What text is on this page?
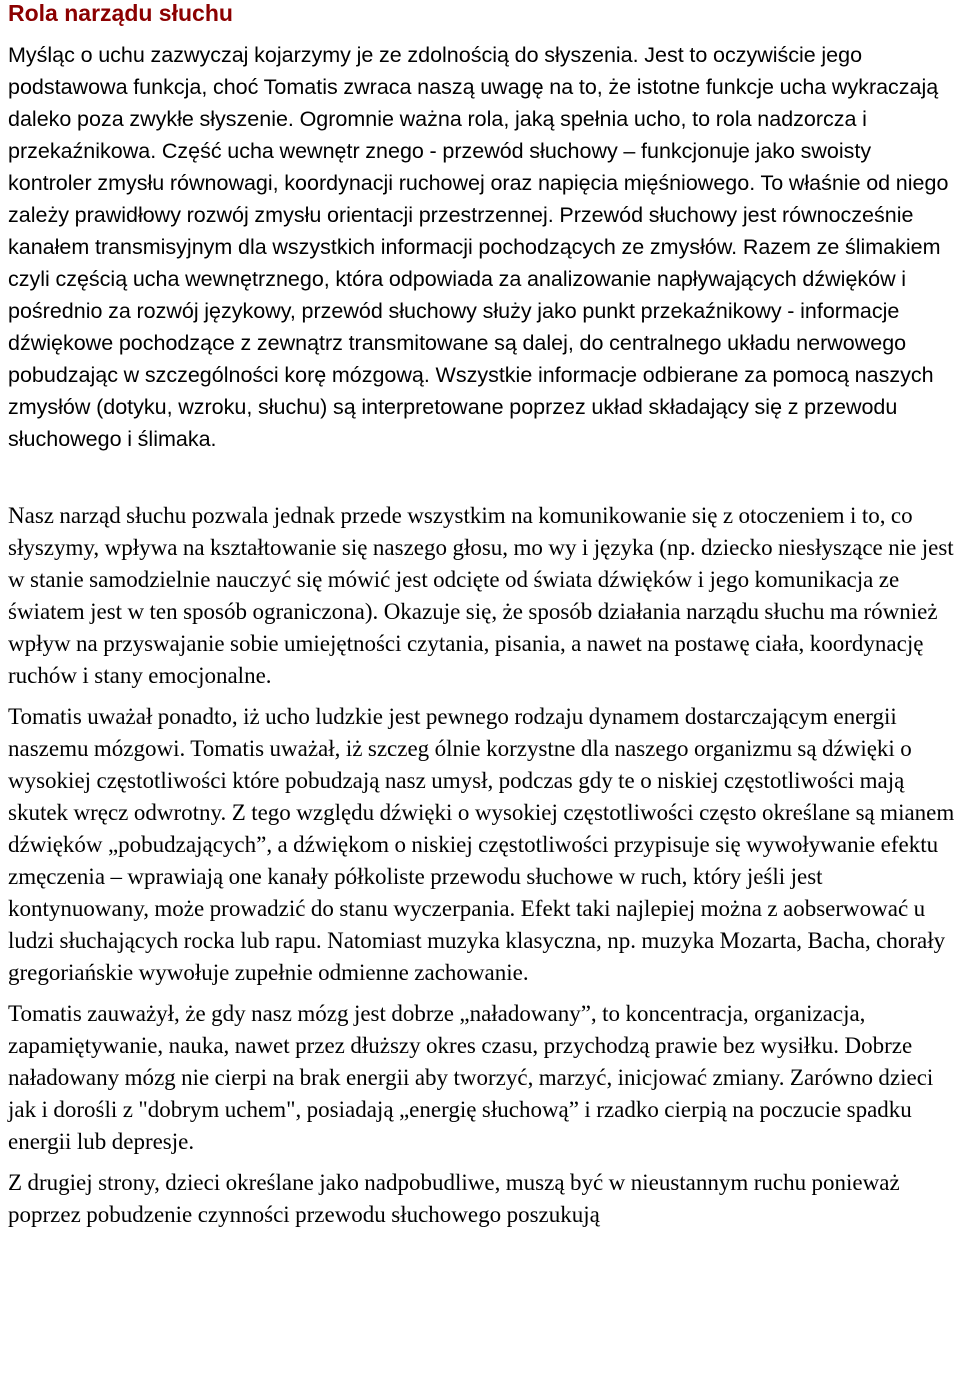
Rola narządu słuchu

Myśląc o uchu zazwyczaj kojarzymy je ze zdolnością do słyszenia. Jest to oczywiście jego podstawowa funkcja, choć Tomatis zwraca naszą uwagę na to, że istotne funkcje ucha wykraczają daleko poza zwykłe słyszenie. Ogromnie ważna rola, jaką spełnia ucho, to rola nadzorcza i przekaźnikowa. Część ucha wewnętr znego - przewód słuchowy – funkcjonuje jako swoisty kontroler zmysłu równowagi, koordynacji ruchowej oraz napięcia mięśniowego. To właśnie od niego zależy prawidłowy rozwój zmysłu orientacji przestrzennej. Przewód słuchowy jest równocześnie kanałem transmisyjnym dla wszystkich informacji pochodzących ze zmysłów. Razem ze ślimakiem czyli częścią ucha wewnętrznego, która odpowiada za analizowanie napływających dźwięków i pośrednio za rozwój językowy, przewód słuchowy służy jako punkt przekaźnikowy - informacje dźwiękowe pochodzące z zewnątrz transmitowane są dalej, do centralnego układu nerwowego pobudzając w szczególności korę mózgową. Wszystkie informacje odbierane za pomocą naszych zmysłów (dotyku, wzroku, słuchu) są interpretowane poprzez układ składający się z przewodu słuchowego i ślimaka.

Nasz narząd słuchu pozwala jednak przede wszystkim na komunikowanie się z otoczeniem i to, co słyszymy, wpływa na kształtowanie się naszego głosu, mo wy i języka (np. dziecko niesłyszące nie jest w stanie samodzielnie nauczyć się mówić jest odcięte od świata dźwięków i jego komunikacja ze światem jest w ten sposób ograniczona). Okazuje się, że sposób działania narządu słuchu ma również wpływ na przyswajanie sobie umiejętności czytania, pisania, a nawet na postawę ciała, koordynację ruchów i stany emocjonalne.

Tomatis uważał ponadto, iż ucho ludzkie jest pewnego rodzaju dynamem dostarczającym energii naszemu mózgowi. Tomatis uważał, iż szczeg ólnie korzystne dla naszego organizmu są dźwięki o wysokiej częstotliwości które pobudzają nasz umysł, podczas gdy te o niskiej częstotliwości mają skutek wręcz odwrotny. Z tego względu dźwięki o wysokiej częstotliwości często określane są mianem dźwięków „pobudzających”, a dźwiękom o niskiej częstotliwości przypisuje się wywoływanie efektu zmęczenia – wprawiają one kanały półkoliste przewodu słuchowe w ruch, który jeśli jest kontynuowany, może prowadzić do stanu wyczerpania. Efekt taki najlepiej można z aobserwować u ludzi słuchających rocka lub rapu. Natomiast muzyka klasyczna, np. muzyka Mozarta, Bacha, chorały gregoriańskie wywołuje zupełnie odmienne zachowanie.

Tomatis zauważył, że gdy nasz mózg jest dobrze „naładowany”, to koncentracja, organizacja, zapamiętywanie, nauka, nawet przez dłuższy okres czasu, przychodzą prawie bez wysiłku. Dobrze naładowany mózg nie cierpi na brak energii aby tworzyć, marzyć, inicjować zmiany. Zarówno dzieci jak i dorośli z "dobrym uchem", posiadają „energię słuchową” i rzadko cierpią na poczucie spadku energii lub depresje.

Z drugiej strony, dzieci określane jako nadpobudliwe, muszą być w nieustannym ruchu ponieważ poprzez pobudzenie czynności przewodu słuchowego poszukują
